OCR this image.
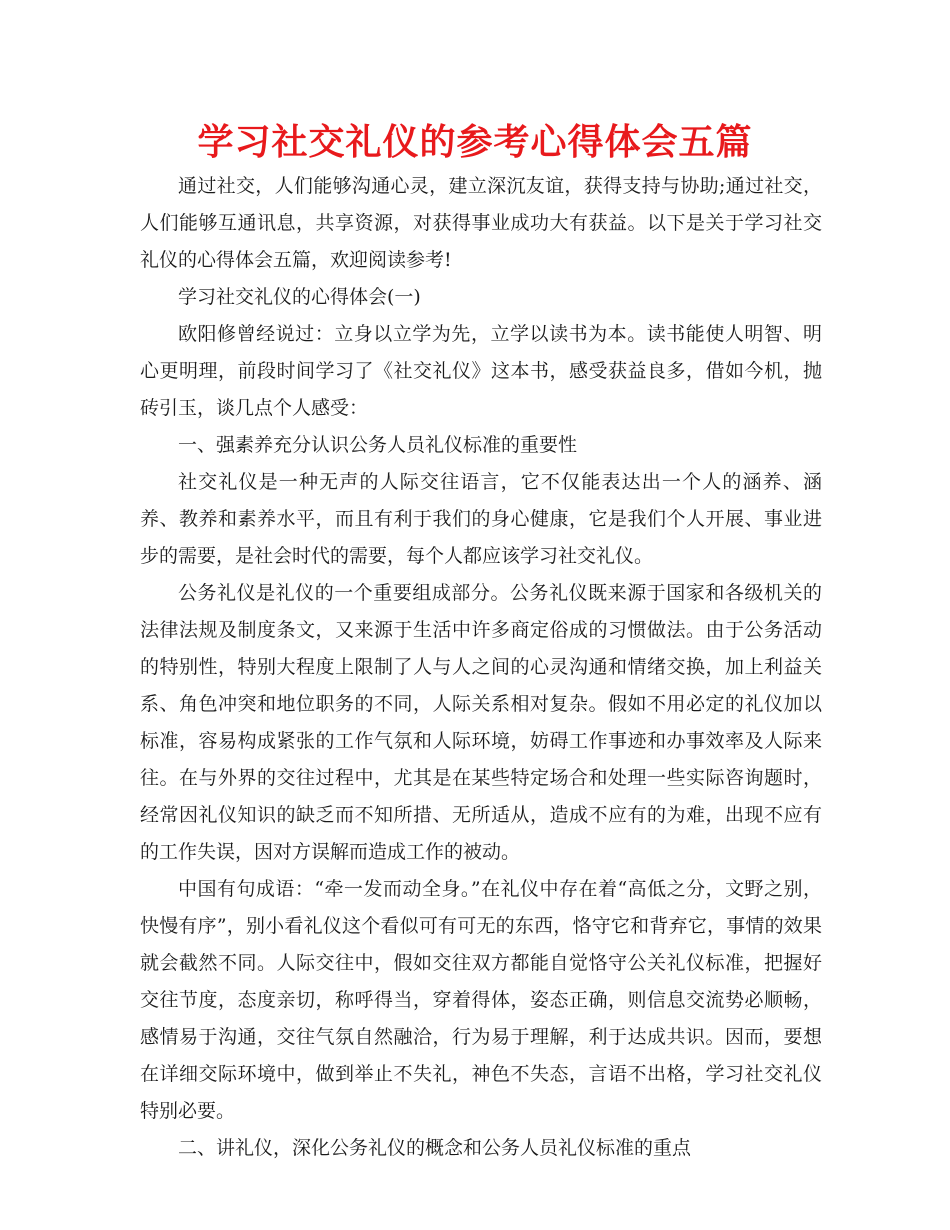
学习社交礼仪的参考心得体会五篇

通过社交，人们能够沟通心灵，建立深沉友谊，获得支持与协助;通过社交，人们能够互通讯息，共享资源，对获得事业成功大有获益。以下是关于学习社交礼仪的心得体会五篇，欢迎阅读参考!

学习社交礼仪的心得体会(一)

欧阳修曾经说过：立身以立学为先，立学以读书为本。读书能使人明智、明心更明理，前段时间学习了《社交礼仪》这本书，感受获益良多，借如今机，抛砖引玉，谈几点个人感受：

一、强素养充分认识公务人员礼仪标准的重要性

社交礼仪是一种无声的人际交往语言，它不仅能表达出一个人的涵养、涵养、教养和素养水平，而且有利于我们的身心健康，它是我们个人开展、事业进步的需要，是社会时代的需要，每个人都应该学习社交礼仪。

公务礼仪是礼仪的一个重要组成部分。公务礼仪既来源于国家和各级机关的法律法规及制度条文，又来源于生活中许多商定俗成的习惯做法。由于公务活动的特别性，特别大程度上限制了人与人之间的心灵沟通和情绪交换，加上利益关系、角色冲突和地位职务的不同，人际关系相对复杂。假如不用必定的礼仪加以标准，容易构成紧张的工作气氛和人际环境，妨碍工作事迹和办事效率及人际来往。在与外界的交往过程中，尤其是在某些特定场合和处理一些实际咨询题时，经常因礼仪知识的缺乏而不知所措、无所适从，造成不应有的为难，出现不应有的工作失误，因对方误解而造成工作的被动。

中国有句成语：“牵一发而动全身。”在礼仪中存在着“高低之分，文野之别，快慢有序”，别小看礼仪这个看似可有可无的东西，恪守它和背弃它，事情的效果就会截然不同。人际交往中，假如交往双方都能自觉恪守公关礼仪标准，把握好交往节度，态度亲切，称呼得当，穿着得体，姿态正确，则信息交流势必顺畅，感情易于沟通，交往气氛自然融洽，行为易于理解，利于达成共识。因而，要想在详细交际环境中，做到举止不失礼，神色不失态，言语不出格，学习社交礼仪特别必要。

二、讲礼仪，深化公务礼仪的概念和公务人员礼仪标准的重点
